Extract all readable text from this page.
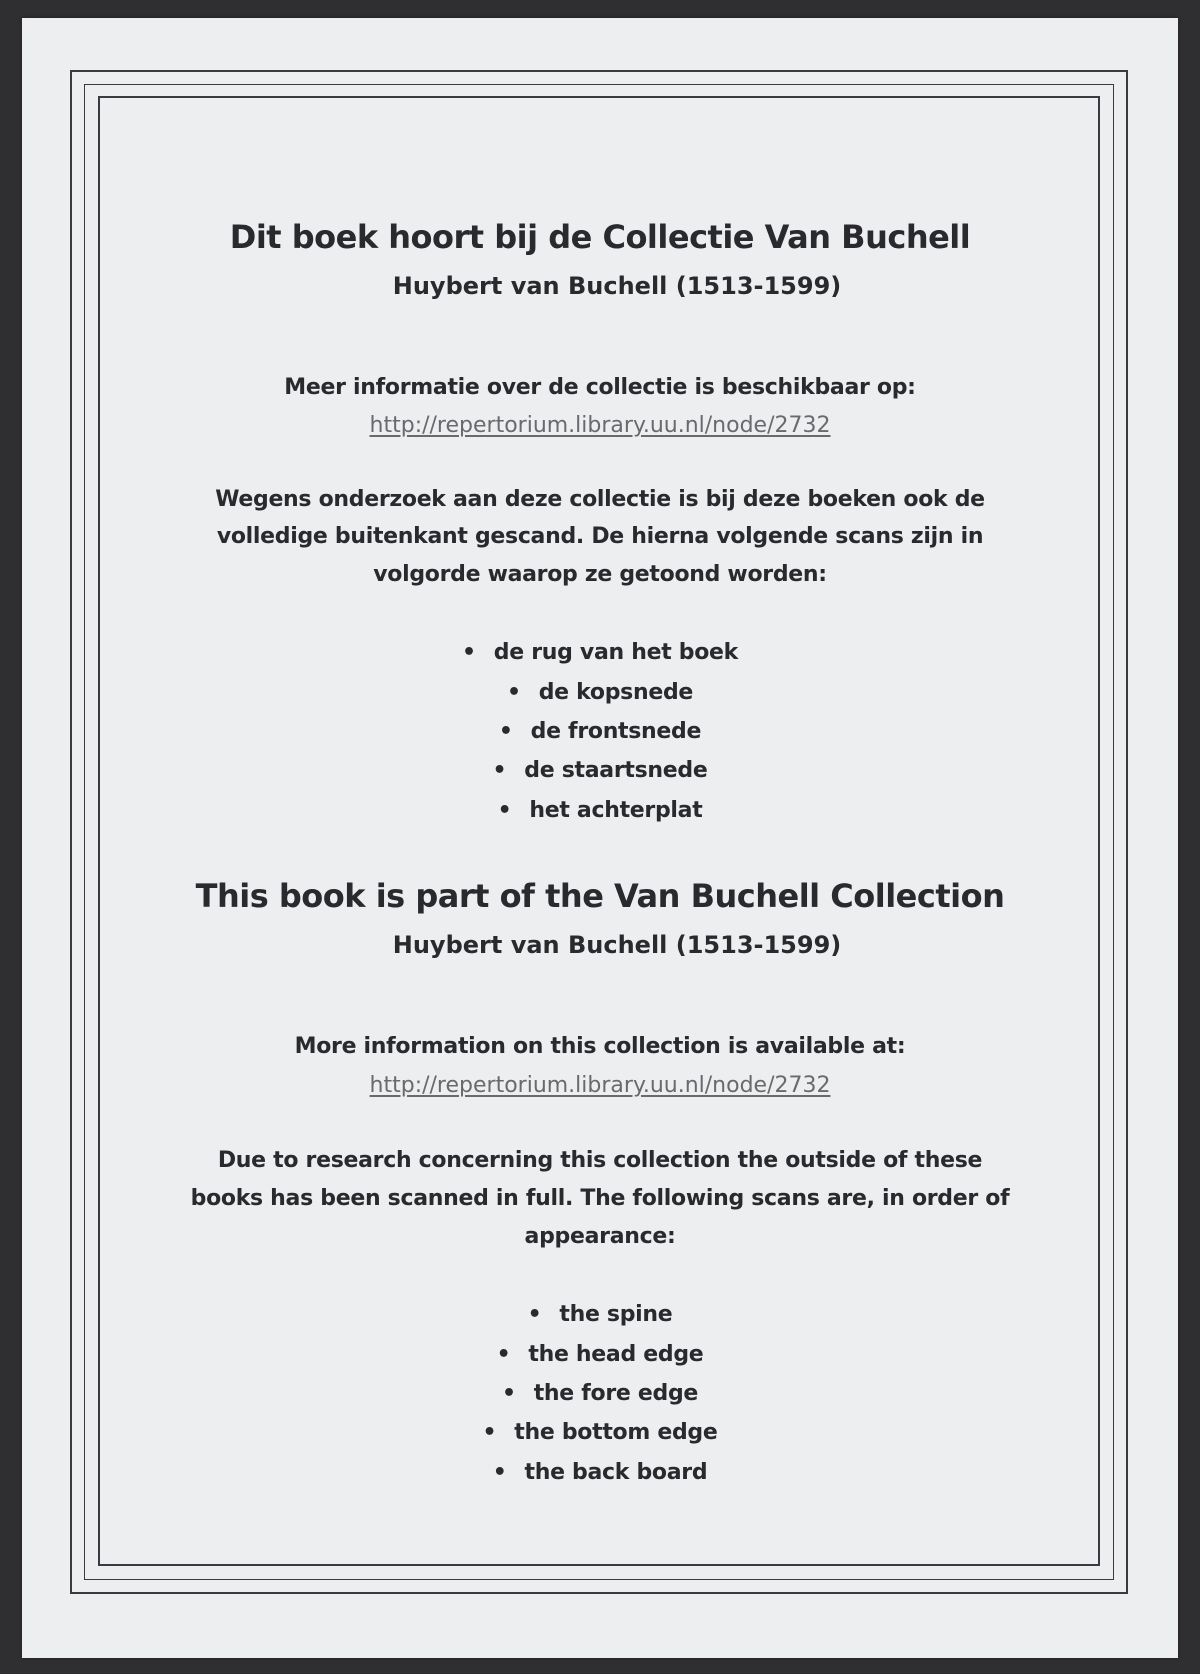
Dit boek hoort bij de Collectie Van Buchell
Huybert van Buchell (1513-1599)
Meer informatie over de collectie is beschikbaar op:
http://repertorium.library.uu.nl/node/2732
Wegens onderzoek aan deze collectie is bij deze boeken ook de
volledige buitenkant gescand. De hierna volgende scans zijn in
volgorde waarop ze getoond worden:
• de rug van het boek
• de kopsnede
• de frontsnede
• de staartsnede
• het achterplat
This book is part of the Van Buchell Collection
Huybert van Buchell (1513-1599)
More information on this collection is available at:
http://repertorium.library.uu.nl/node/2732
Due to research concerning this collection the outside of these
books has been scanned in full. The following scans are, in order of
appearance:
• the spine
• the head edge
• the fore edge
• the bottom edge
• the back board
